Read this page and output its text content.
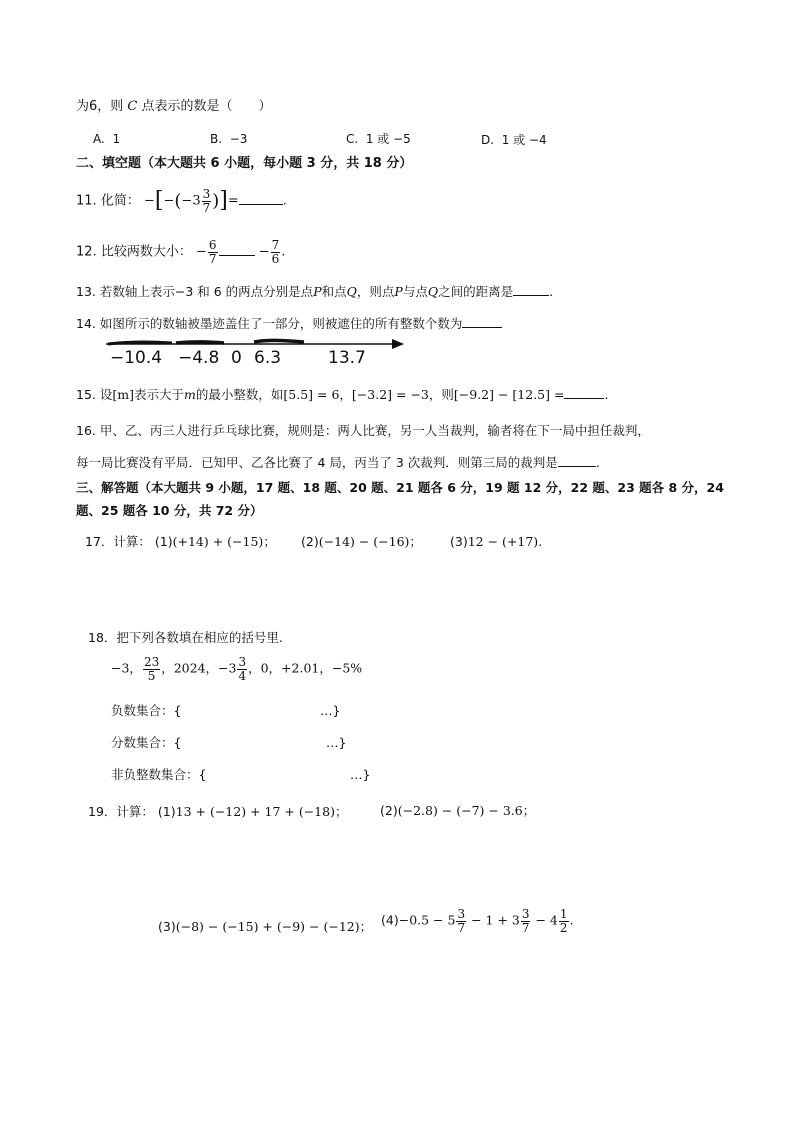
为6，则 C 点表示的数是（　　）
A. 1	B. −3	C. 1 或 −5	D. 1 或 −4
二、填空题（本大题共 6 小题，每小题 3 分，共 18 分）
11. 化简： $-[-(-3 \frac{3}{7}$ )]=	.
12. 比较两数大小： − $\frac{6}{7}$	− $\frac{7}{6}$ .
13. 若数轴上表示−3 和 6 的两点分别是点P和点Q，则点P与点Q之间的距离是	.
14. 如图所示的数轴被墨迹盖住了一部分，则被遮住的所有整数个数为
−10.4 −4.8 0 6.3	13.7
15. 设[m]表示大于m的最小整数，如[5.5] = 6，[−3.2] = −3，则[−9.2] − [12.5] =	.
16. 甲、乙、丙三人进行乒乓球比赛，规则是：两人比赛，另一人当裁判，输者将在下一局中担任裁判，
每一局比赛没有平局．已知甲、乙各比赛了 4 局，丙当了 3 次裁判．则第三局的裁判是	.
三、解答题（本大题共 9 小题，17 题、18 题、20 题、21 题各 6 分，19 题 12 分，22 题、23 题各 8 分，24
题、25 题各 10 分，共 72 分）
17．计算： (1)(+14) + (−15)； (2)(−14) − (−16)； (3)12 − (+17).
18．把下列各数填在相应的括号里.
−3， $\frac{23}{5}$ ，2024，$-3 \frac{3}{4}$ ，0，+2.01，−5%
负数集合：{	…}
分数集合：{	…}
非负整数集合：{	…}
19．计算： (1)13 + (−12) + 17 + (−18)；	(2)(−2.8) − (−7) − 3.6；
(3)(−8) − (−15) + (−9) − (−12)； $(4)-0.5 - 5 \frac{3}{7} - 1 + 3 \frac{3}{7} - 4 \frac{1}{2}$ .
